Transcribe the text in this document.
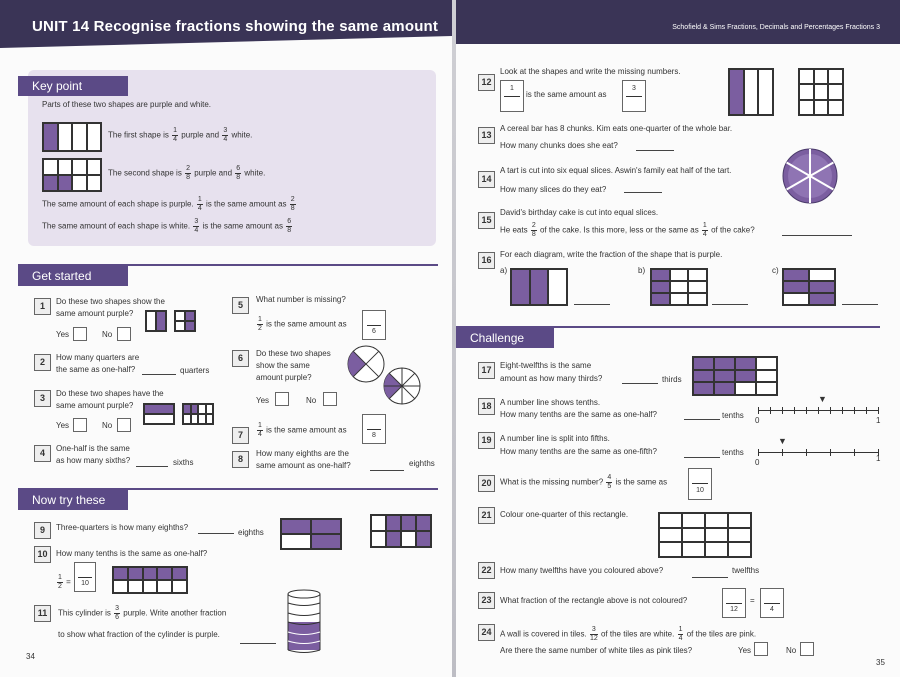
UNIT 14 Recognise fractions showing the same amount
Key point
Parts of these two shapes are purple and white.
The first shape is $\frac{1}{4}$ purple and $\frac{3}{4}$ white.
The second shape is $\frac{2}{8}$ purple and $\frac{6}{8}$ white.
The same amount of each shape is purple. $\frac{1}{4}$ is the same amount as $\frac{2}{8}$
The same amount of each shape is white. $\frac{3}{4}$ is the same amount as $\frac{6}{8}$
Get started
1	Do these two shapes show the
same amount purple?
Yes	No
2	How many quarters are
the same as one-half?	quarters
3	Do these two shapes have the
same amount purple?
Yes	No
4	One-half is the same
as how many sixths?	sixths
5
What number is missing?
$\frac{1}{2}$ is the same amount as
6
6	Do these two shapes
show the same
amount purple?
Yes	No
7	$\frac{1}{4}$ is the same amount as
8
8
How many eighths are the
same amount as one-half?	eighths
Now try these
9	Three-quarters is how many eighths?
eighths
10	How many tenths is the same as one-half?
$\frac{1}{2}$ =	10
11	This cylinder is $\frac{3}{6}$ purple. Write another fraction
to show what fraction of the cylinder is purple.
34
Schofield & Sims Fractions, Decimals and Percentages Fractions 3
12
Look at the shapes and write the missing numbers.
1
is the same amount as
3
13
A cereal bar has 8 chunks. Kim eats one-quarter of the whole bar.
How many chunks does she eat?
14
A tart is cut into six equal slices. Aswin's family eat half of the tart.
How many slices do they eat?
15
David's birthday cake is cut into equal slices.
He eats $\frac{2}{8}$ of the cake. Is this more, less or the same as $\frac{1}{4}$ of the cake?
16
For each diagram, write the fraction of the shape that is purple.
a)	b)	c)
Challenge
17	Eight-twelfths is the same
amount as how many thirds?	thirds
18	A number line shows tenths.
How many tenths are the same as one-half?	tenths
▼
0	1
19	A number line is split into fifths.
How many tenths are the same as one-fifth?	tenths
▼
0	1
20	What is the missing number? $\frac{4}{5}$ is the same as
10
21	Colour one-quarter of this rectangle.
22	How many twelfths have you coloured above?	twelfths
23	What fraction of the rectangle above is not coloured?
12
=
4
24	A wall is covered in tiles. $\frac{3}{12}$ of the tiles are white. $\frac{1}{4}$ of the tiles are pink.
Are there the same number of white tiles as pink tiles?	Yes	No
35
